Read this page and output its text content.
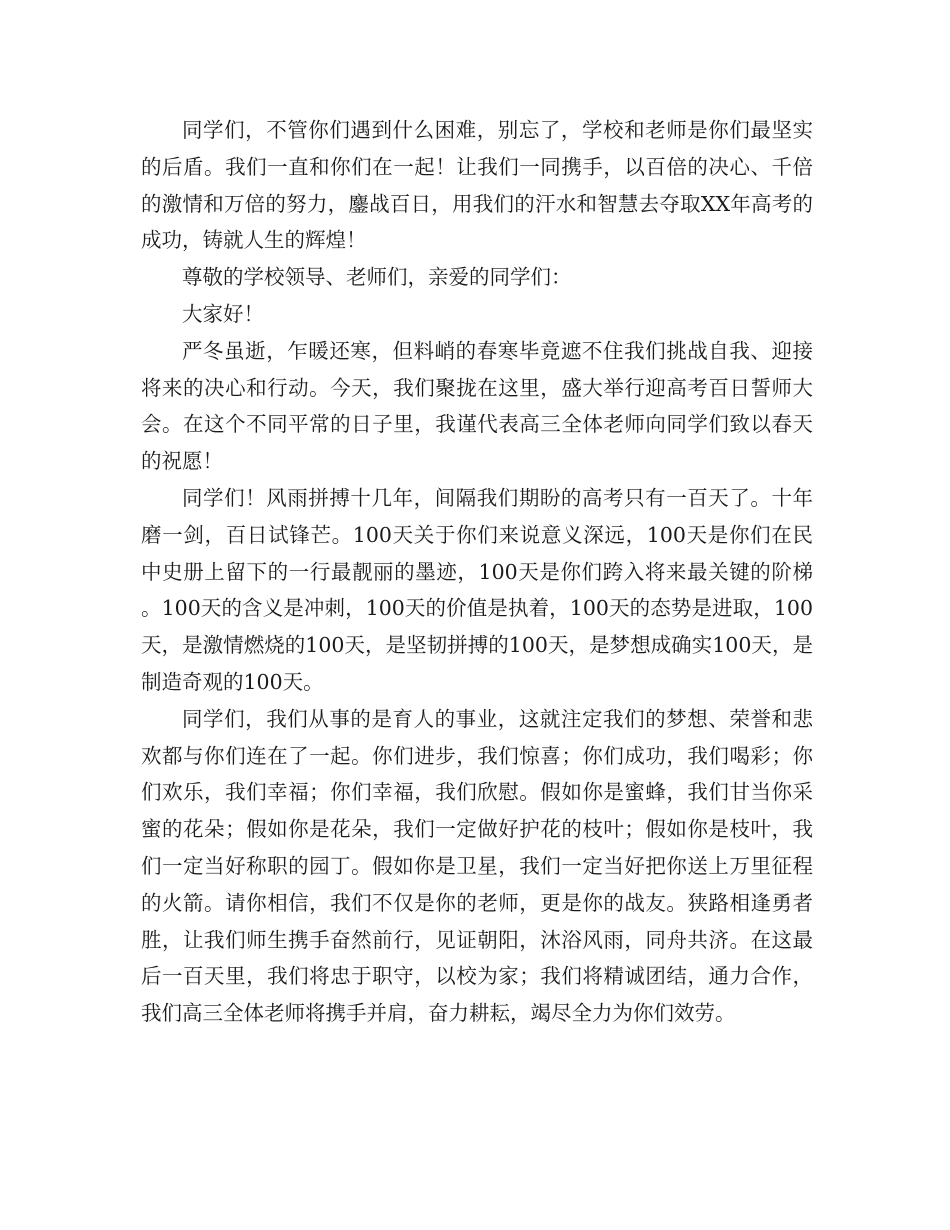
同学们，不管你们遇到什么困难，别忘了，学校和老师是你们最坚实的后盾。我们一直和你们在一起！让我们一同携手，以百倍的决心、千倍的激情和万倍的努力，鏖战百日，用我们的汗水和智慧去夺取XX年高考的成功，铸就人生的辉煌！

尊敬的学校领导、老师们，亲爱的同学们：

大家好！

严冬虽逝，乍暖还寒，但料峭的春寒毕竟遮不住我们挑战自我、迎接将来的决心和行动。今天，我们聚拢在这里，盛大举行迎高考百日誓师大会。在这个不同平常的日子里，我谨代表高三全体老师向同学们致以春天的祝愿！

同学们！风雨拼搏十几年，间隔我们期盼的高考只有一百天了。十年磨一剑，百日试锋芒。100天关于你们来说意义深远，100天是你们在民中史册上留下的一行最靓丽的墨迹，100天是你们跨入将来最关键的阶梯。100天的含义是冲刺，100天的价值是执着，100天的态势是进取，100天，是激情燃烧的100天，是坚韧拼搏的100天，是梦想成确实100天，是制造奇观的100天。

同学们，我们从事的是育人的事业，这就注定我们的梦想、荣誉和悲欢都与你们连在了一起。你们进步，我们惊喜；你们成功，我们喝彩；你们欢乐，我们幸福；你们幸福，我们欣慰。假如你是蜜蜂，我们甘当你采蜜的花朵；假如你是花朵，我们一定做好护花的枝叶；假如你是枝叶，我们一定当好称职的园丁。假如你是卫星，我们一定当好把你送上万里征程的火箭。请你相信，我们不仅是你的老师，更是你的战友。狭路相逢勇者胜，让我们师生携手奋然前行，见证朝阳，沐浴风雨，同舟共济。在这最后一百天里，我们将忠于职守，以校为家；我们将精诚团结，通力合作，我们高三全体老师将携手并肩，奋力耕耘，竭尽全力为你们效劳。
